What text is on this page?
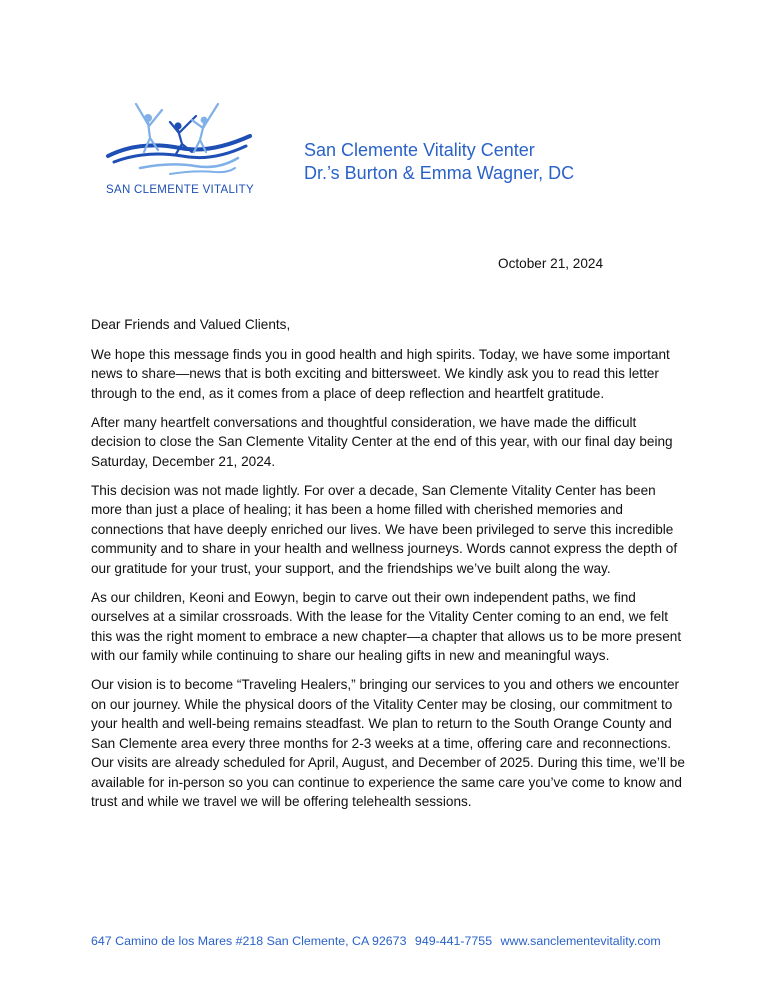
SAN CLEMENTE VITALITY
San Clemente Vitality Center
Dr.’s Burton & Emma Wagner, DC
October 21, 2024

Dear Friends and Valued Clients,

We hope this message finds you in good health and high spirits. Today, we have some important news to share—news that is both exciting and bittersweet. We kindly ask you to read this letter through to the end, as it comes from a place of deep reflection and heartfelt gratitude.

After many heartfelt conversations and thoughtful consideration, we have made the difficult decision to close the San Clemente Vitality Center at the end of this year, with our final day being Saturday, December 21, 2024.

This decision was not made lightly. For over a decade, San Clemente Vitality Center has been more than just a place of healing; it has been a home filled with cherished memories and connections that have deeply enriched our lives. We have been privileged to serve this incredible community and to share in your health and wellness journeys. Words cannot express the depth of our gratitude for your trust, your support, and the friendships we’ve built along the way.

As our children, Keoni and Eowyn, begin to carve out their own independent paths, we find ourselves at a similar crossroads. With the lease for the Vitality Center coming to an end, we felt this was the right moment to embrace a new chapter—a chapter that allows us to be more present with our family while continuing to share our healing gifts in new and meaningful ways.

Our vision is to become “Traveling Healers,” bringing our services to you and others we encounter on our journey. While the physical doors of the Vitality Center may be closing, our commitment to your health and well-being remains steadfast. We plan to return to the South Orange County and San Clemente area every three months for 2-3 weeks at a time, offering care and reconnections. Our visits are already scheduled for April, August, and December of 2025. During this time, we’ll be available for in-person so you can continue to experience the same care you’ve come to know and trust and while we travel we will be offering telehealth sessions.

647 Camino de los Mares #218 San Clemente, CA 92673 949-441-7755 www.sanclementevitality.com
